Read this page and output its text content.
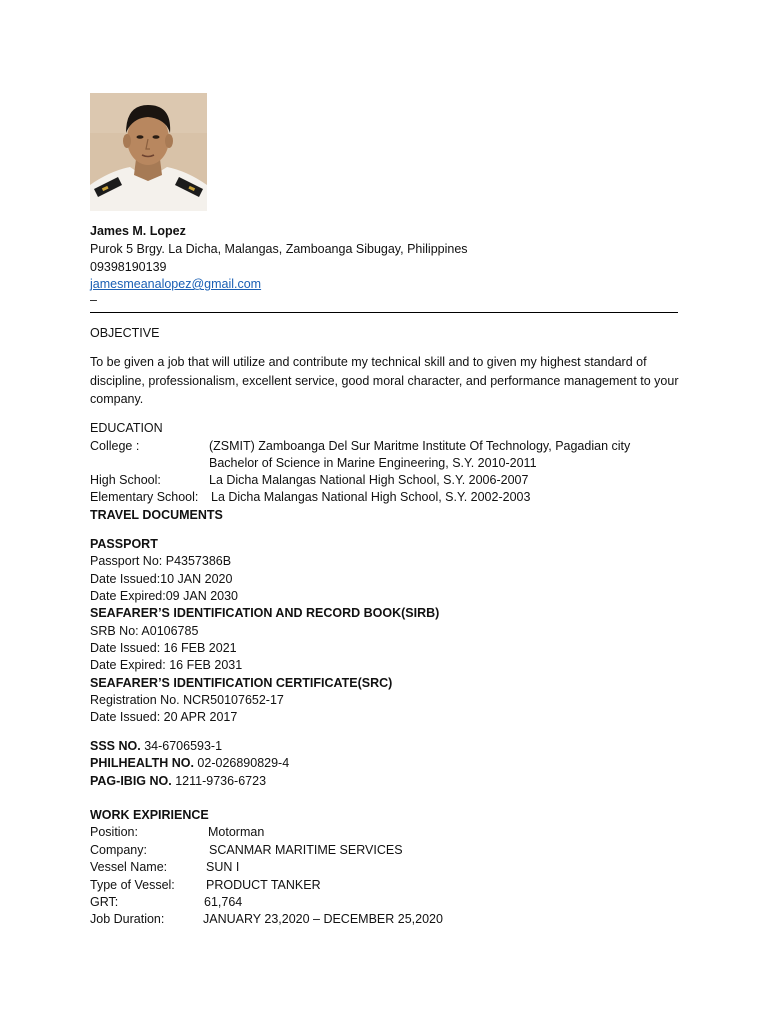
James M. Lopez
Purok 5 Brgy. La Dicha, Malangas, Zamboanga Sibugay, Philippines
09398190139
jamesmeanalopez@gmail.com
–
OBJECTIVE
To be given a job that will utilize and contribute my technical skill and to given my highest standard of discipline, professionalism, excellent service, good moral character, and performance management to your company.
EDUCATION
College :	(ZSMIT) Zamboanga Del Sur Maritme Institute Of Technology, Pagadian city
Bachelor of Science in Marine Engineering, S.Y. 2010-2011
High School:	La Dicha Malangas National High School, S.Y. 2006-2007
Elementary School: La Dicha Malangas National High School, S.Y. 2002-2003
TRAVEL DOCUMENTS
PASSPORT
Passport No: P4357386B
Date Issued:10 JAN 2020
Date Expired:09 JAN 2030
SEAFARER’S IDENTIFICATION AND RECORD BOOK(SIRB)
SRB No: A0106785
Date Issued: 16 FEB 2021
Date Expired: 16 FEB 2031
SEAFARER’S IDENTIFICATION CERTIFICATE(SRC)
Registration No. NCR50107652-17
Date Issued: 20 APR 2017
SSS NO. 34-6706593-1
PHILHEALTH NO. 02-026890829-4
PAG-IBIG NO. 1211-9736-6723
WORK EXPIRIENCE
Position:	Motorman
Company:	SCANMAR MARITIME SERVICES
Vessel Name:	SUN I
Type of Vessel: PRODUCT TANKER
GRT:	61,764
Job Duration:	JANUARY 23,2020 – DECEMBER 25,2020
